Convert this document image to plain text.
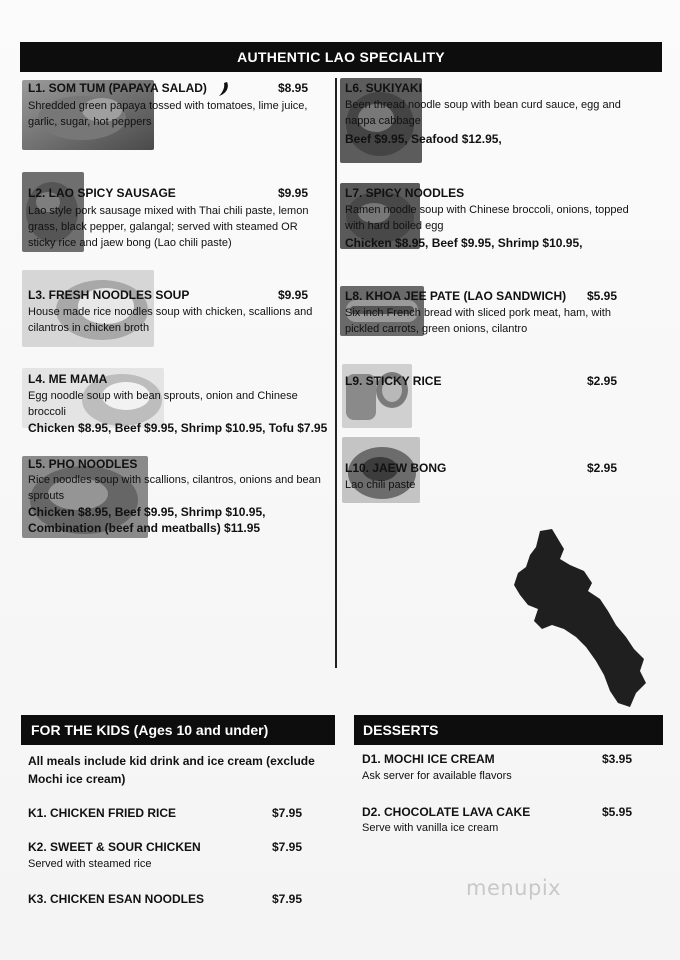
AUTHENTIC LAO SPECIALITY
L1. SOM TUM (PAPAYA SALAD)	$8.95
Shredded green papaya tossed with tomatoes, lime juice, garlic, sugar, hot peppers
L2. LAO SPICY SAUSAGE	$9.95
Lao style pork sausage mixed with Thai chili paste, lemon grass, black pepper, galangal; served with steamed OR sticky rice and jaew bong (Lao chili paste)
L3. FRESH NOODLES SOUP	$9.95
House made rice noodles soup with chicken, scallions and cilantros in chicken broth
L4. ME MAMA
Egg noodle soup with bean sprouts, onion and Chinese broccoli
Chicken $8.95, Beef $9.95, Shrimp $10.95, Tofu $7.95
L5. PHO NOODLES
Rice noodles soup with scallions, cilantros, onions and bean sprouts
Chicken $8.95, Beef $9.95, Shrimp $10.95, Combination (beef and meatballs) $11.95
L6. SUKIYAKI
Been thread noodle soup with bean curd sauce, egg and nappa cabbage
Beef $9.95, Seafood $12.95,
L7. SPICY NOODLES
Ramen noodle soup with Chinese broccoli, onions, topped with hard boiled egg
Chicken $8.95, Beef $9.95, Shrimp $10.95,
L8. KHOA JEE PATE (LAO SANDWICH) $5.95
Six inch French bread with sliced pork meat, ham, with pickled carrots, green onions, cilantro
L9. STICKY RICE	$2.95
L10. JAEW BONG	$2.95
Lao chili paste
FOR THE KIDS (Ages 10 and under)
All meals include kid drink and ice cream (exclude Mochi ice cream)
K1. CHICKEN FRIED RICE	$7.95
K2. SWEET & SOUR CHICKEN	$7.95
Served with steamed rice
K3. CHICKEN ESAN NOODLES	$7.95
DESSERTS
D1. MOCHI ICE CREAM	$3.95
Ask server for available flavors
D2. CHOCOLATE LAVA CAKE	$5.95
Serve with vanilla ice cream
menupix
